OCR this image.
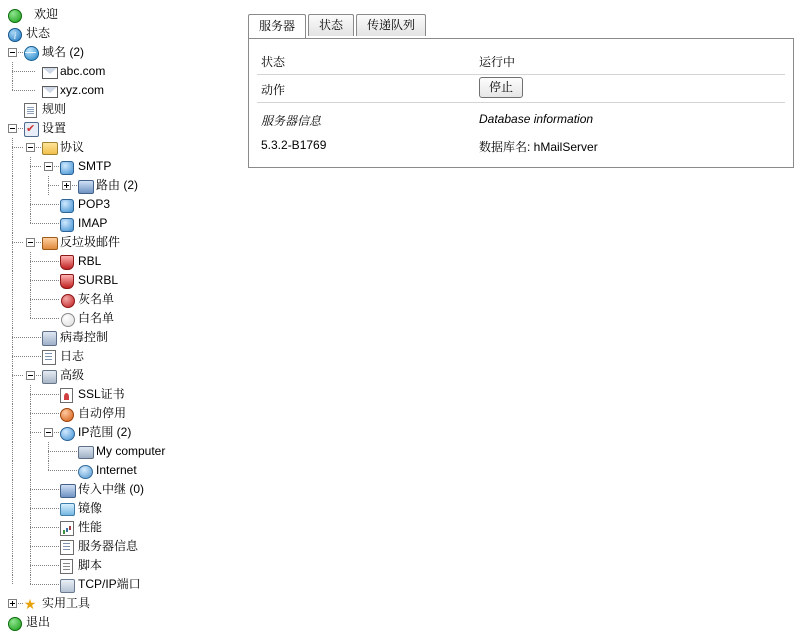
欢迎
i
状态
域名 (2)
abc.com
xyz.com
规则
✔
设置
协议
SMTP
路由 (2)
POP3
IMAP
反垃圾邮件
RBL
SURBL
灰名单
白名单
病毒控制
日志
高级
SSL证书
自动停用
IP范围 (2)
My computer
Internet
传入中继 (0)
镜像
性能
服务器信息
脚本
TCP/IP端口
★ 实用工具
退出
服务器	状态	传递队列
状态	运行中
动作	停止
服务器信息	Database information
5.3.2-B1769	数据库名: hMailServer
